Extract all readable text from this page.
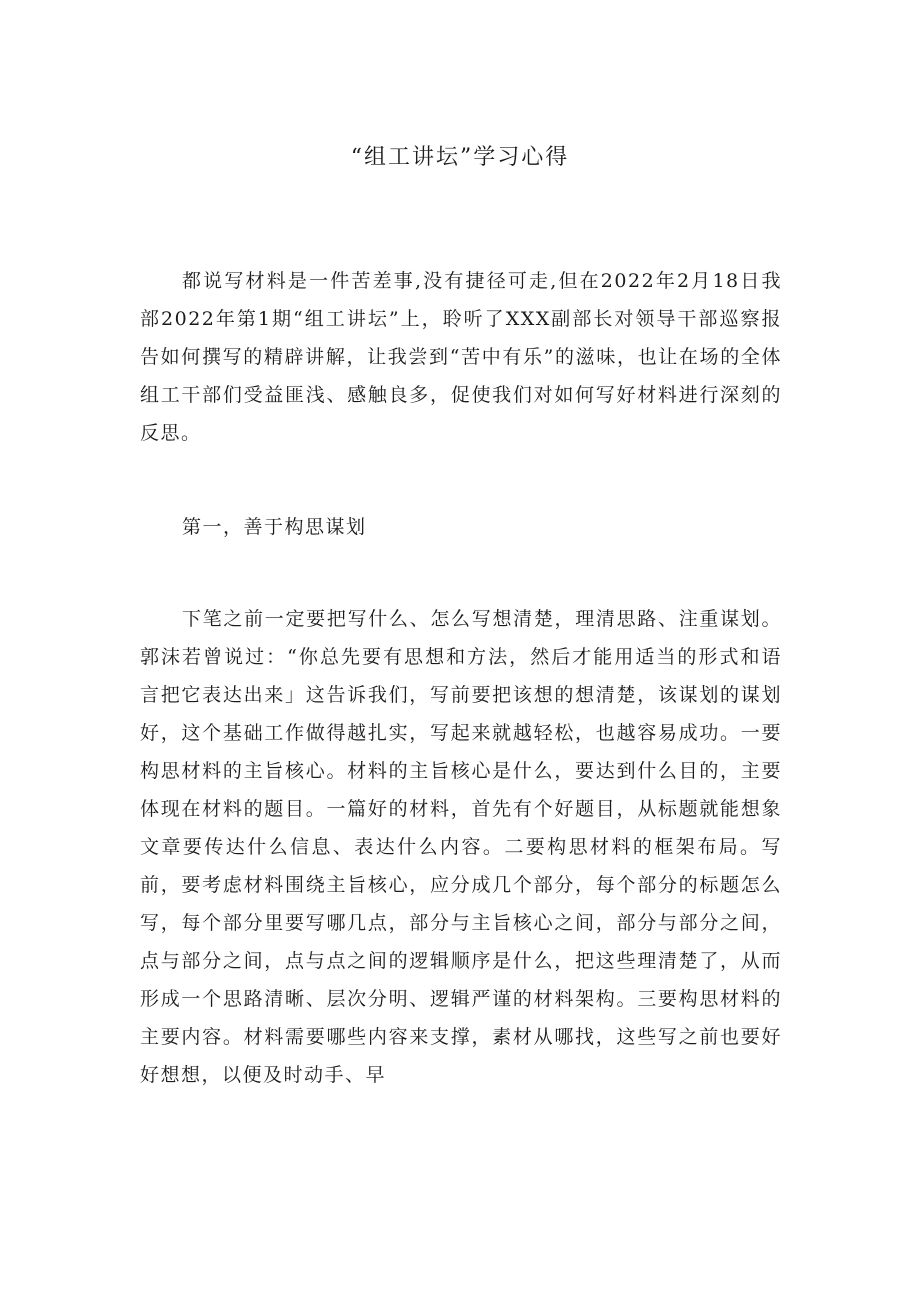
“组工讲坛”学习心得

都说写材料是一件苦差事,没有捷径可走,但在2022年2月18日我部2022年第1期“组工讲坛”上，聆听了XXX副部长对领导干部巡察报告如何撰写的精辟讲解，让我尝到“苦中有乐”的滋味，也让在场的全体组工干部们受益匪浅、感触良多，促使我们对如何写好材料进行深刻的反思。

第一，善于构思谋划

下笔之前一定要把写什么、怎么写想清楚，理清思路、注重谋划。郭沫若曾说过：“你总先要有思想和方法，然后才能用适当的形式和语言把它表达出来」这告诉我们，写前要把该想的想清楚，该谋划的谋划好，这个基础工作做得越扎实，写起来就越轻松，也越容易成功。一要构思材料的主旨核心。材料的主旨核心是什么，要达到什么目的，主要体现在材料的题目。一篇好的材料，首先有个好题目，从标题就能想象文章要传达什么信息、表达什么内容。二要构思材料的框架布局。写前，要考虑材料围绕主旨核心，应分成几个部分，每个部分的标题怎么写，每个部分里要写哪几点，部分与主旨核心之间，部分与部分之间，点与部分之间，点与点之间的逻辑顺序是什么，把这些理清楚了，从而形成一个思路清晰、层次分明、逻辑严谨的材料架构。三要构思材料的主要内容。材料需要哪些内容来支撑，素材从哪找，这些写之前也要好好想想，以便及时动手、早
